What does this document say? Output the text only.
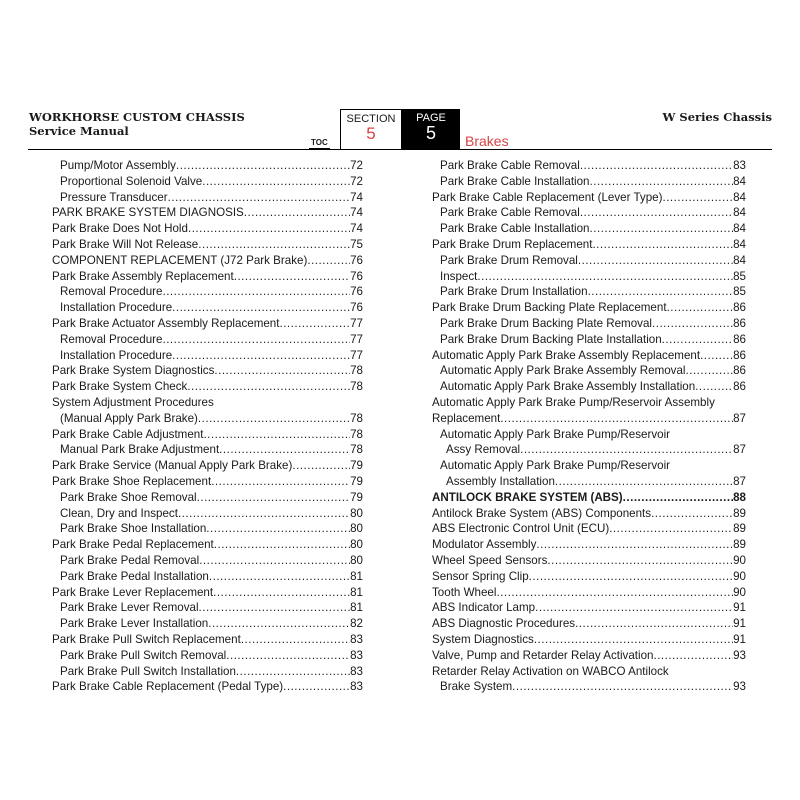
WORKHORSE CUSTOM CHASSIS
Service Manual
TOC
SECTION
5
PAGE
5	Brakes
W Series Chassis
Pump/Motor Assembly .....	72
Proportional Solenoid Valve .....	72
Pressure Transducer .....	74
PARK BRAKE SYSTEM DIAGNOSIS .....	74
Park Brake Does Not Hold .....	74
Park Brake Will Not Release .....	75
COMPONENT REPLACEMENT (J72 Park Brake) .....	76
Park Brake Assembly Replacement .....	76
Removal Procedure .....	76
Installation Procedure .....	76
Park Brake Actuator Assembly Replacement .....	77
Removal Procedure .....	77
Installation Procedure .....	77
Park Brake System Diagnostics .....	78
Park Brake System Check .....	78
System Adjustment Procedures
(Manual Apply Park Brake) .....	78
Park Brake Cable Adjustment .....	78
Manual Park Brake Adjustment .....	78
Park Brake Service (Manual Apply Park Brake) .....	79
Park Brake Shoe Replacement .....	79
Park Brake Shoe Removal .....	79
Clean, Dry and Inspect .....	80
Park Brake Shoe Installation .....	80
Park Brake Pedal Replacement .....	80
Park Brake Pedal Removal .....	80
Park Brake Pedal Installation .....	81
Park Brake Lever Replacement .....	81
Park Brake Lever Removal .....	81
Park Brake Lever Installation .....	82
Park Brake Pull Switch Replacement .....	83
Park Brake Pull Switch Removal .....	83
Park Brake Pull Switch Installation .....	83
Park Brake Cable Replacement (Pedal Type) .....	83
Park Brake Cable Removal .....	83
Park Brake Cable Installation .....	84
Park Brake Cable Replacement (Lever Type) .....	84
Park Brake Cable Removal .....	84
Park Brake Cable Installation .....	84
Park Brake Drum Replacement .....	84
Park Brake Drum Removal .....	84
Inspect .....	85
Park Brake Drum Installation .....	85
Park Brake Drum Backing Plate Replacement .....	86
Park Brake Drum Backing Plate Removal .....	86
Park Brake Drum Backing Plate Installation .....	86
Automatic Apply Park Brake Assembly Replacement .....	86
Automatic Apply Park Brake Assembly Removal .....	86
Automatic Apply Park Brake Assembly Installation .....	86
Automatic Apply Park Brake Pump/Reservoir Assembly
Replacement .....	87
Automatic Apply Park Brake Pump/Reservoir
Assy Removal .....	87
Automatic Apply Park Brake Pump/Reservoir
Assembly Installation .....	87
ANTILOCK BRAKE SYSTEM (ABS) .....	88
Antilock Brake System (ABS) Components .....	89
ABS Electronic Control Unit (ECU) .....	89
Modulator Assembly .....	89
Wheel Speed Sensors .....	90
Sensor Spring Clip .....	90
Tooth Wheel .....	90
ABS Indicator Lamp .....	91
ABS Diagnostic Procedures .....	91
System Diagnostics .....	91
Valve, Pump and Retarder Relay Activation .....	93
Retarder Relay Activation on WABCO Antilock
Brake System .....	93
